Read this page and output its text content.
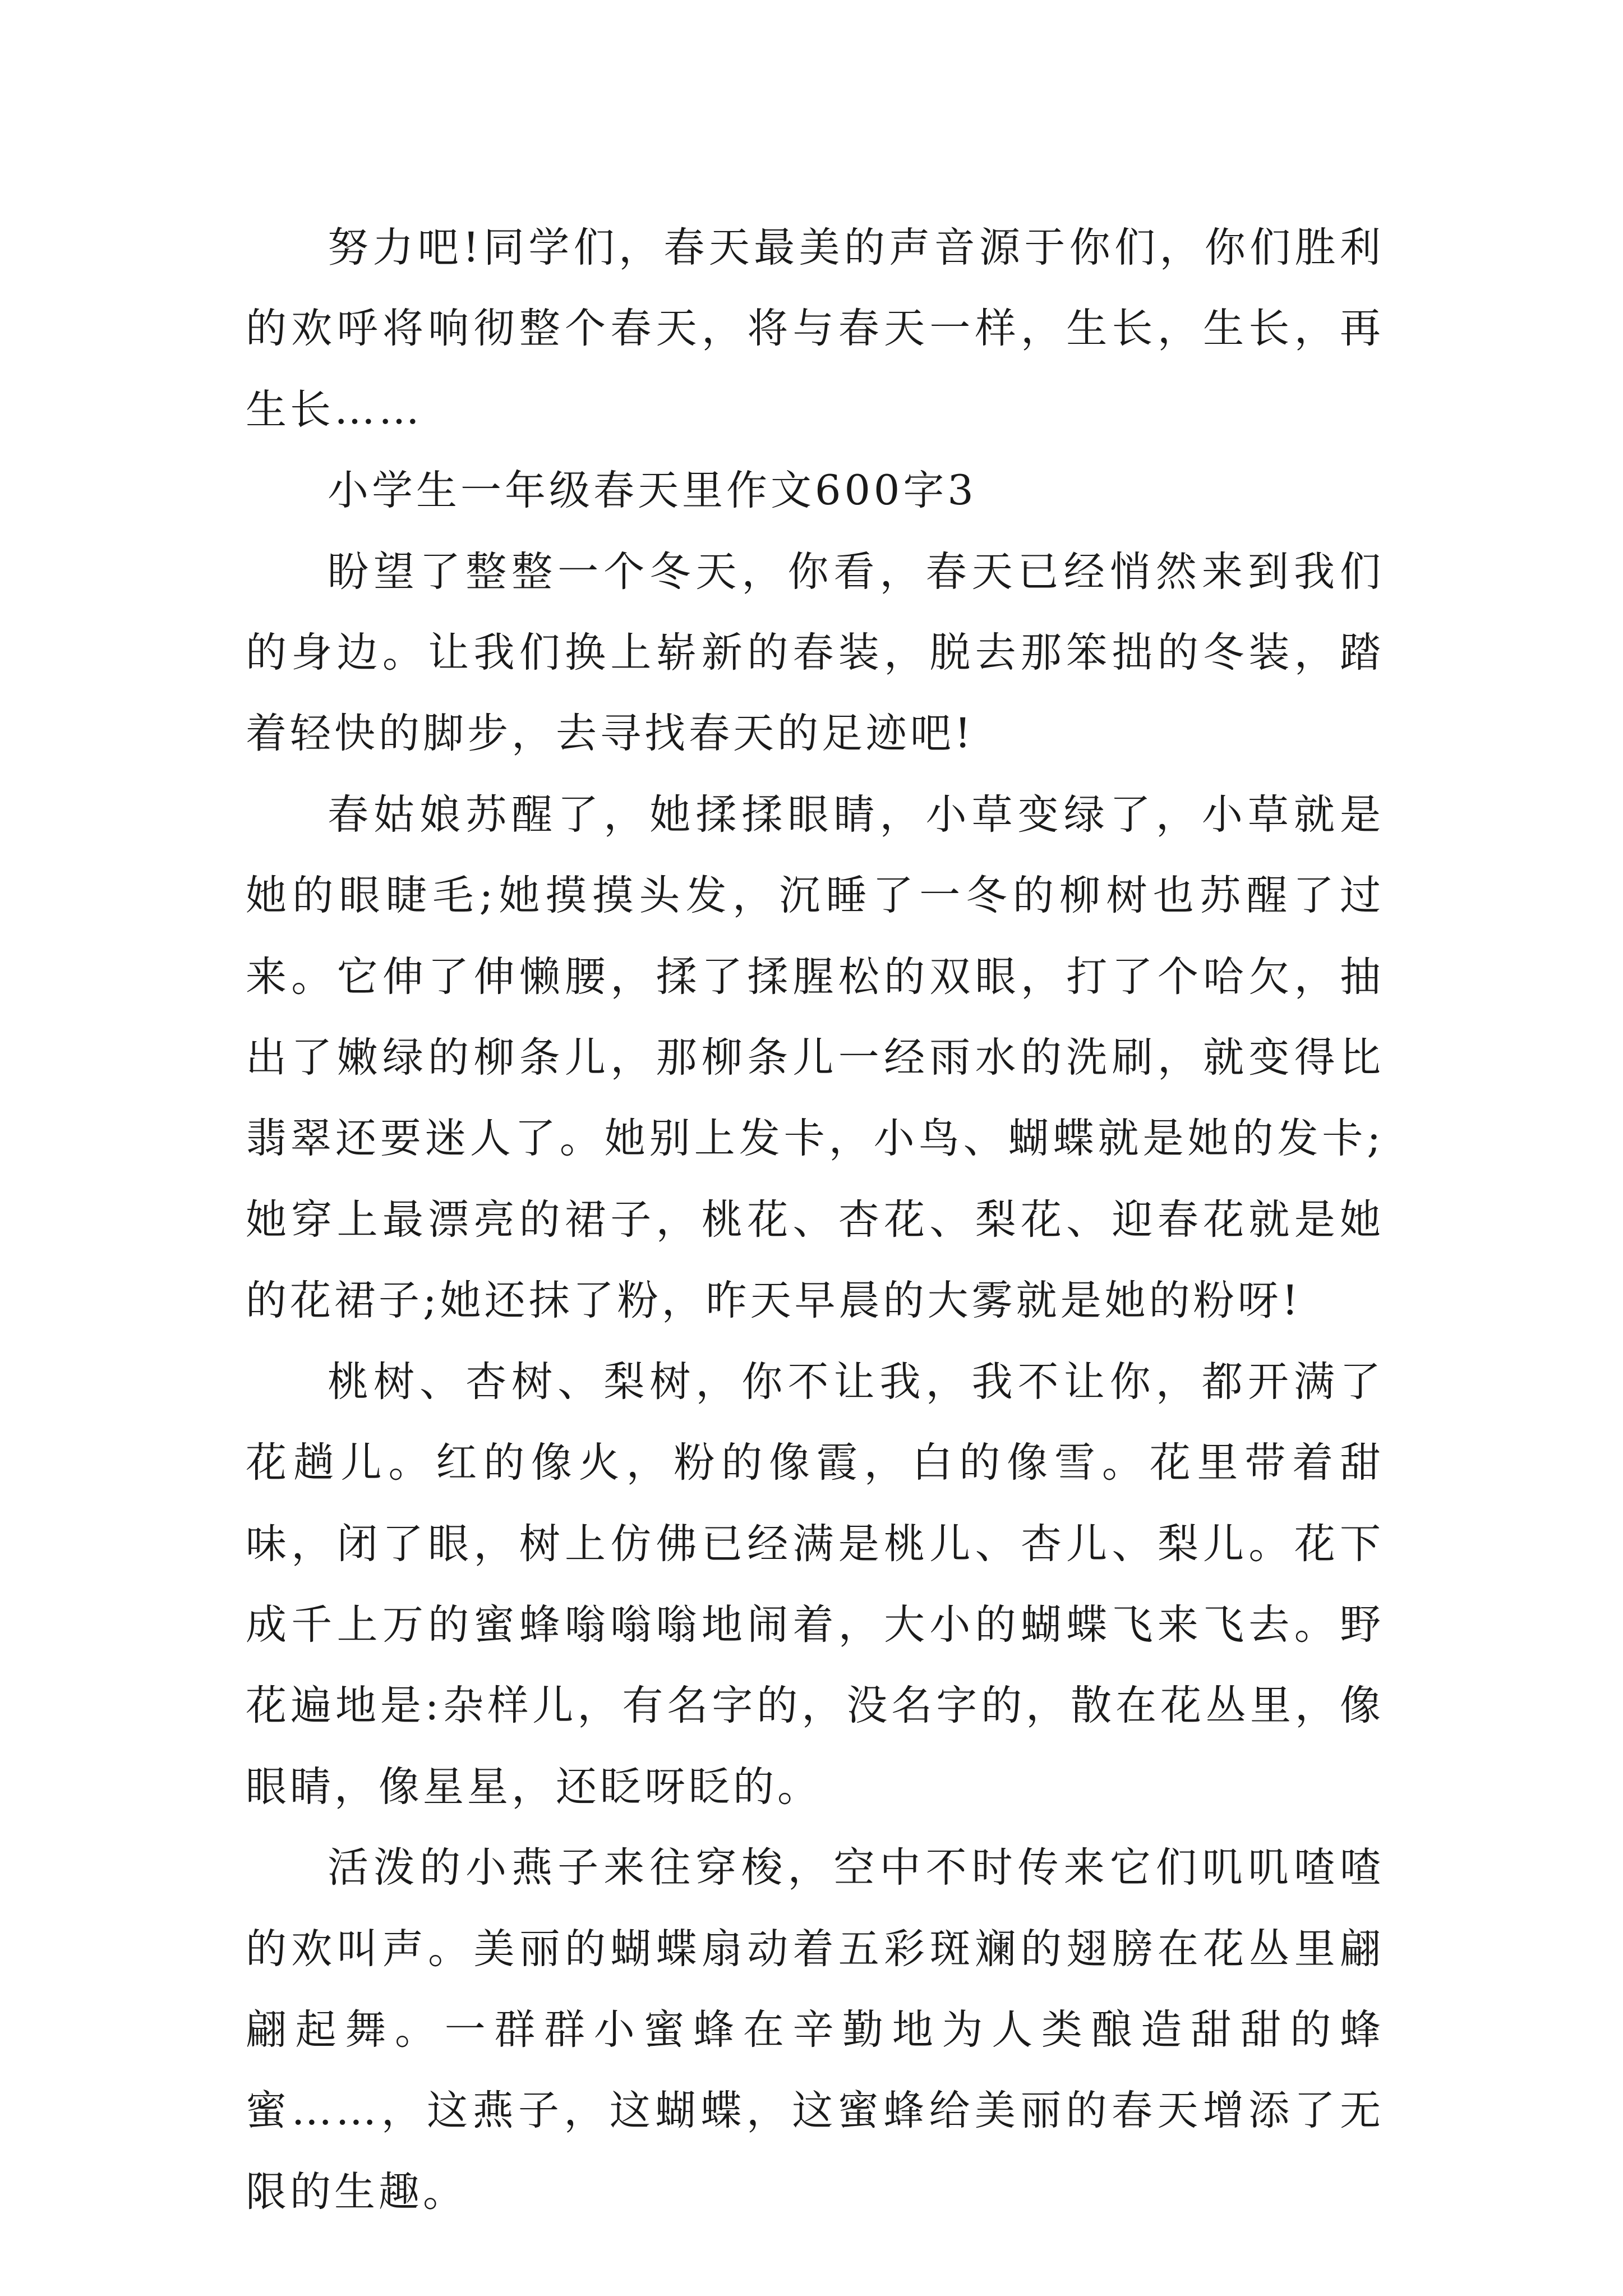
努力吧!同学们，春天最美的声音源于你们，你们胜利的欢呼将响彻整个春天，将与春天一样，生长，生长，再生长……

小学生一年级春天里作文600字3

盼望了整整一个冬天，你看，春天已经悄然来到我们的身边。让我们换上崭新的春装，脱去那笨拙的冬装，踏着轻快的脚步，去寻找春天的足迹吧!

春姑娘苏醒了，她揉揉眼睛，小草变绿了，小草就是她的眼睫毛;她摸摸头发，沉睡了一冬的柳树也苏醒了过来。它伸了伸懒腰，揉了揉腥松的双眼，打了个哈欠，抽出了嫩绿的柳条儿，那柳条儿一经雨水的洗刷，就变得比翡翠还要迷人了。她别上发卡，小鸟、蝴蝶就是她的发卡;她穿上最漂亮的裙子，桃花、杏花、梨花、迎春花就是她的花裙子;她还抹了粉，昨天早晨的大雾就是她的粉呀!

桃树、杏树、梨树，你不让我，我不让你，都开满了花趟儿。红的像火，粉的像霞，白的像雪。花里带着甜味，闭了眼，树上仿佛已经满是桃儿、杏儿、梨儿。花下成千上万的蜜蜂嗡嗡嗡地闹着，大小的蝴蝶飞来飞去。野花遍地是:杂样儿，有名字的，没名字的，散在花丛里，像眼睛，像星星，还眨呀眨的。

活泼的小燕子来往穿梭，空中不时传来它们叽叽喳喳的欢叫声。美丽的蝴蝶扇动着五彩斑斓的翅膀在花丛里翩翩起舞。一群群小蜜蜂在辛勤地为人类酿造甜甜的蜂蜜……，这燕子，这蝴蝶，这蜜蜂给美丽的春天增添了无限的生趣。
